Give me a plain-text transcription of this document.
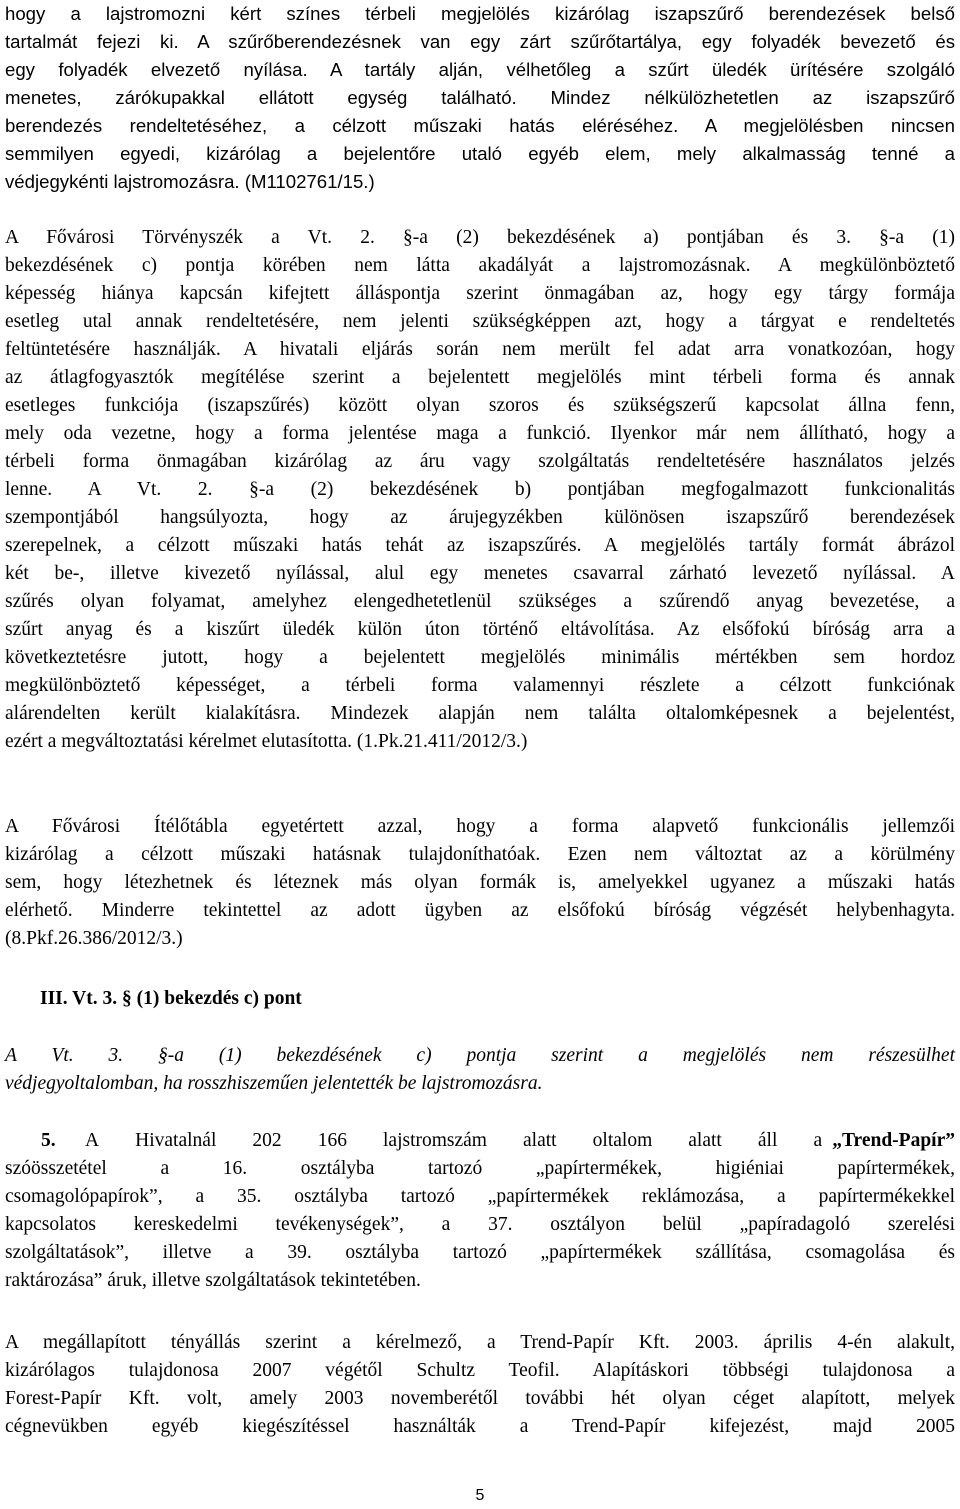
hogy a lajstromozni kért színes térbeli megjelölés kizárólag iszapszűrő berendezések belső
tartalmát fejezi ki. A szűrőberendezésnek van egy zárt szűrőtartálya, egy folyadék bevezető és
egy folyadék elvezető nyílása. A tartály alján, vélhetőleg a szűrt üledék ürítésére szolgáló
menetes, zárókupakkal ellátott egység található. Mindez nélkülözhetetlen az iszapszűrő
berendezés rendeltetéséhez, a célzott műszaki hatás eléréséhez. A megjelölésben nincsen
semmilyen egyedi, kizárólag a bejelentőre utaló egyéb elem, mely alkalmasság tenné a
védjegykénti lajstromozásra. (M1102761/15.)
A Fővárosi Törvényszék a Vt. 2. §-a (2) bekezdésének a) pontjában és 3. §-a (1)
bekezdésének c) pontja körében nem látta akadályát a lajstromozásnak. A megkülönböztető
képesség hiánya kapcsán kifejtett álláspontja szerint önmagában az, hogy egy tárgy formája
esetleg utal annak rendeltetésére, nem jelenti szükségképpen azt, hogy a tárgyat e rendeltetés
feltüntetésére használják. A hivatali eljárás során nem merült fel adat arra vonatkozóan, hogy
az átlagfogyasztók megítélése szerint a bejelentett megjelölés mint térbeli forma és annak
esetleges funkciója (iszapszűrés) között olyan szoros és szükségszerű kapcsolat állna fenn,
mely oda vezetne, hogy a forma jelentése maga a funkció. Ilyenkor már nem állítható, hogy a
térbeli forma önmagában kizárólag az áru vagy szolgáltatás rendeltetésére használatos jelzés
lenne. A Vt. 2. §-a (2) bekezdésének b) pontjában megfogalmazott funkcionalitás
szempontjából hangsúlyozta, hogy az árujegyzékben különösen iszapszűrő berendezések
szerepelnek, a célzott műszaki hatás tehát az iszapszűrés. A megjelölés tartály formát ábrázol
két be-, illetve kivezető nyílással, alul egy menetes csavarral zárható levezető nyílással. A
szűrés olyan folyamat, amelyhez elengedhetetlenül szükséges a szűrendő anyag bevezetése, a
szűrt anyag és a kiszűrt üledék külön úton történő eltávolítása. Az elsőfokú bíróság arra a
következtetésre jutott, hogy a bejelentett megjelölés minimális mértékben sem hordoz
megkülönböztető képességet, a térbeli forma valamennyi részlete a célzott funkciónak
alárendelten került kialakításra. Mindezek alapján nem találta oltalomképesnek a bejelentést,
ezért a megváltoztatási kérelmet elutasította. (1.Pk.21.411/2012/3.)
A Fővárosi Ítélőtábla egyetértett azzal, hogy a forma alapvető funkcionális jellemzői
kizárólag a célzott műszaki hatásnak tulajdoníthatóak. Ezen nem változtat az a körülmény
sem, hogy létezhetnek és léteznek más olyan formák is, amelyekkel ugyanez a műszaki hatás
elérhető. Minderre tekintettel az adott ügyben az elsőfokú bíróság végzését helybenhagyta.
(8.Pkf.26.386/2012/3.)
III. Vt. 3. § (1) bekezdés c) pont
A Vt. 3. §-a (1) bekezdésének c) pontja szerint a megjelölés nem részesülhet
védjegyoltalomban, ha rosszhiszeműen jelentették be lajstromozásra.
5. A Hivatalnál 202 166 lajstromszám alatt oltalom alatt áll a „Trend-Papír”
szóösszetétel a 16. osztályba tartozó „papírtermékek, higiéniai papírtermékek,
csomagolópapírok”, a 35. osztályba tartozó „papírtermékek reklámozása, a papírtermékekkel
kapcsolatos kereskedelmi tevékenységek”, a 37. osztályon belül „papíradagoló szerelési
szolgáltatások”, illetve a 39. osztályba tartozó „papírtermékek szállítása, csomagolása és
raktározása” áruk, illetve szolgáltatások tekintetében.
A megállapított tényállás szerint a kérelmező, a Trend-Papír Kft. 2003. április 4-én alakult,
kizárólagos tulajdonosa 2007 végétől Schultz Teofil. Alapításkori többségi tulajdonosa a
Forest-Papír Kft. volt, amely 2003 novemberétől további hét olyan céget alapított, melyek
cégnevükben egyéb kiegészítéssel használták a Trend-Papír kifejezést, majd 2005
5
